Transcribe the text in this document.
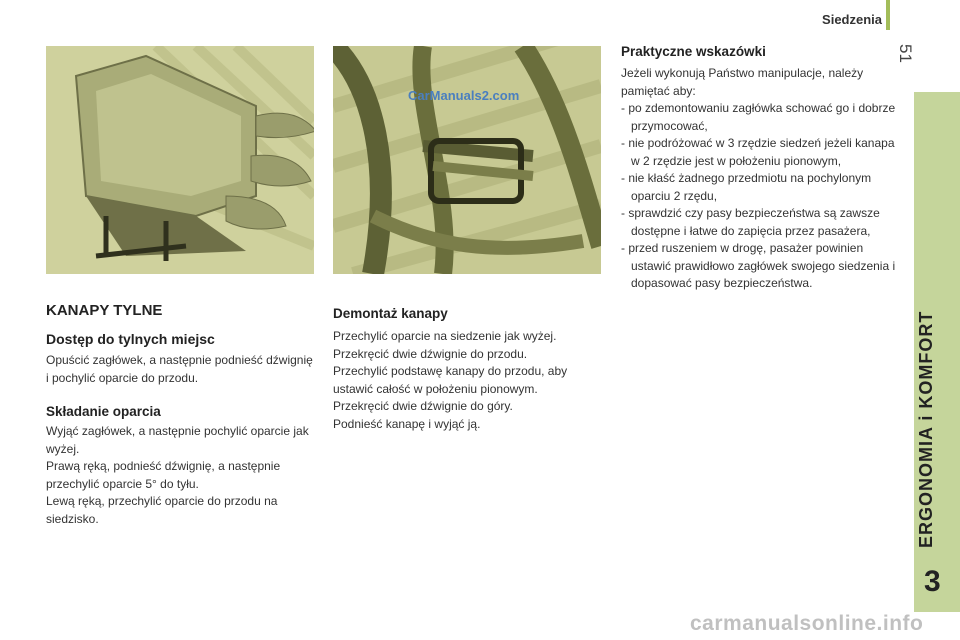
Siedzenia
51
ERGONOMIA i KOMFORT
3
CarManuals2.com
KANAPY TYLNE
Dostęp do tylnych miejsc

Opuścić zagłówek, a następnie podnieść dźwignię i pochylić oparcie do przodu.

Składanie oparcia

Wyjąć zagłówek, a następnie pochylić oparcie jak wyżej.

Prawą ręką, podnieść dźwignię, a następnie przechylić oparcie 5° do tyłu.

Lewą ręką, przechylić oparcie do przodu na siedzisko.

Demontaż kanapy

Przechylić oparcie na siedzenie jak wyżej.

Przekręcić dwie dźwignie do przodu.

Przechylić podstawę kanapy do przodu, aby ustawić całość w położeniu pionowym.

Przekręcić dwie dźwignie do góry.

Podnieść kanapę i wyjąć ją.

Praktyczne wskazówki

Jeżeli wykonują Państwo manipulacje, należy pamiętać aby:

- po zdemontowaniu zagłówka schować go i dobrze przymocować,
- nie podróżować w 3 rzędzie siedzeń jeżeli kanapa w 2 rzędzie jest w położeniu pionowym,
- nie kłaść żadnego przedmiotu na pochylonym oparciu 2 rzędu,
- sprawdzić czy pasy bezpieczeństwa są zawsze dostępne i łatwe do zapięcia przez pasażera,
- przed ruszeniem w drogę, pasażer powinien ustawić prawidłowo zagłówek swojego siedzenia i dopasować pasy bezpieczeństwa.
carmanualsonline.info
